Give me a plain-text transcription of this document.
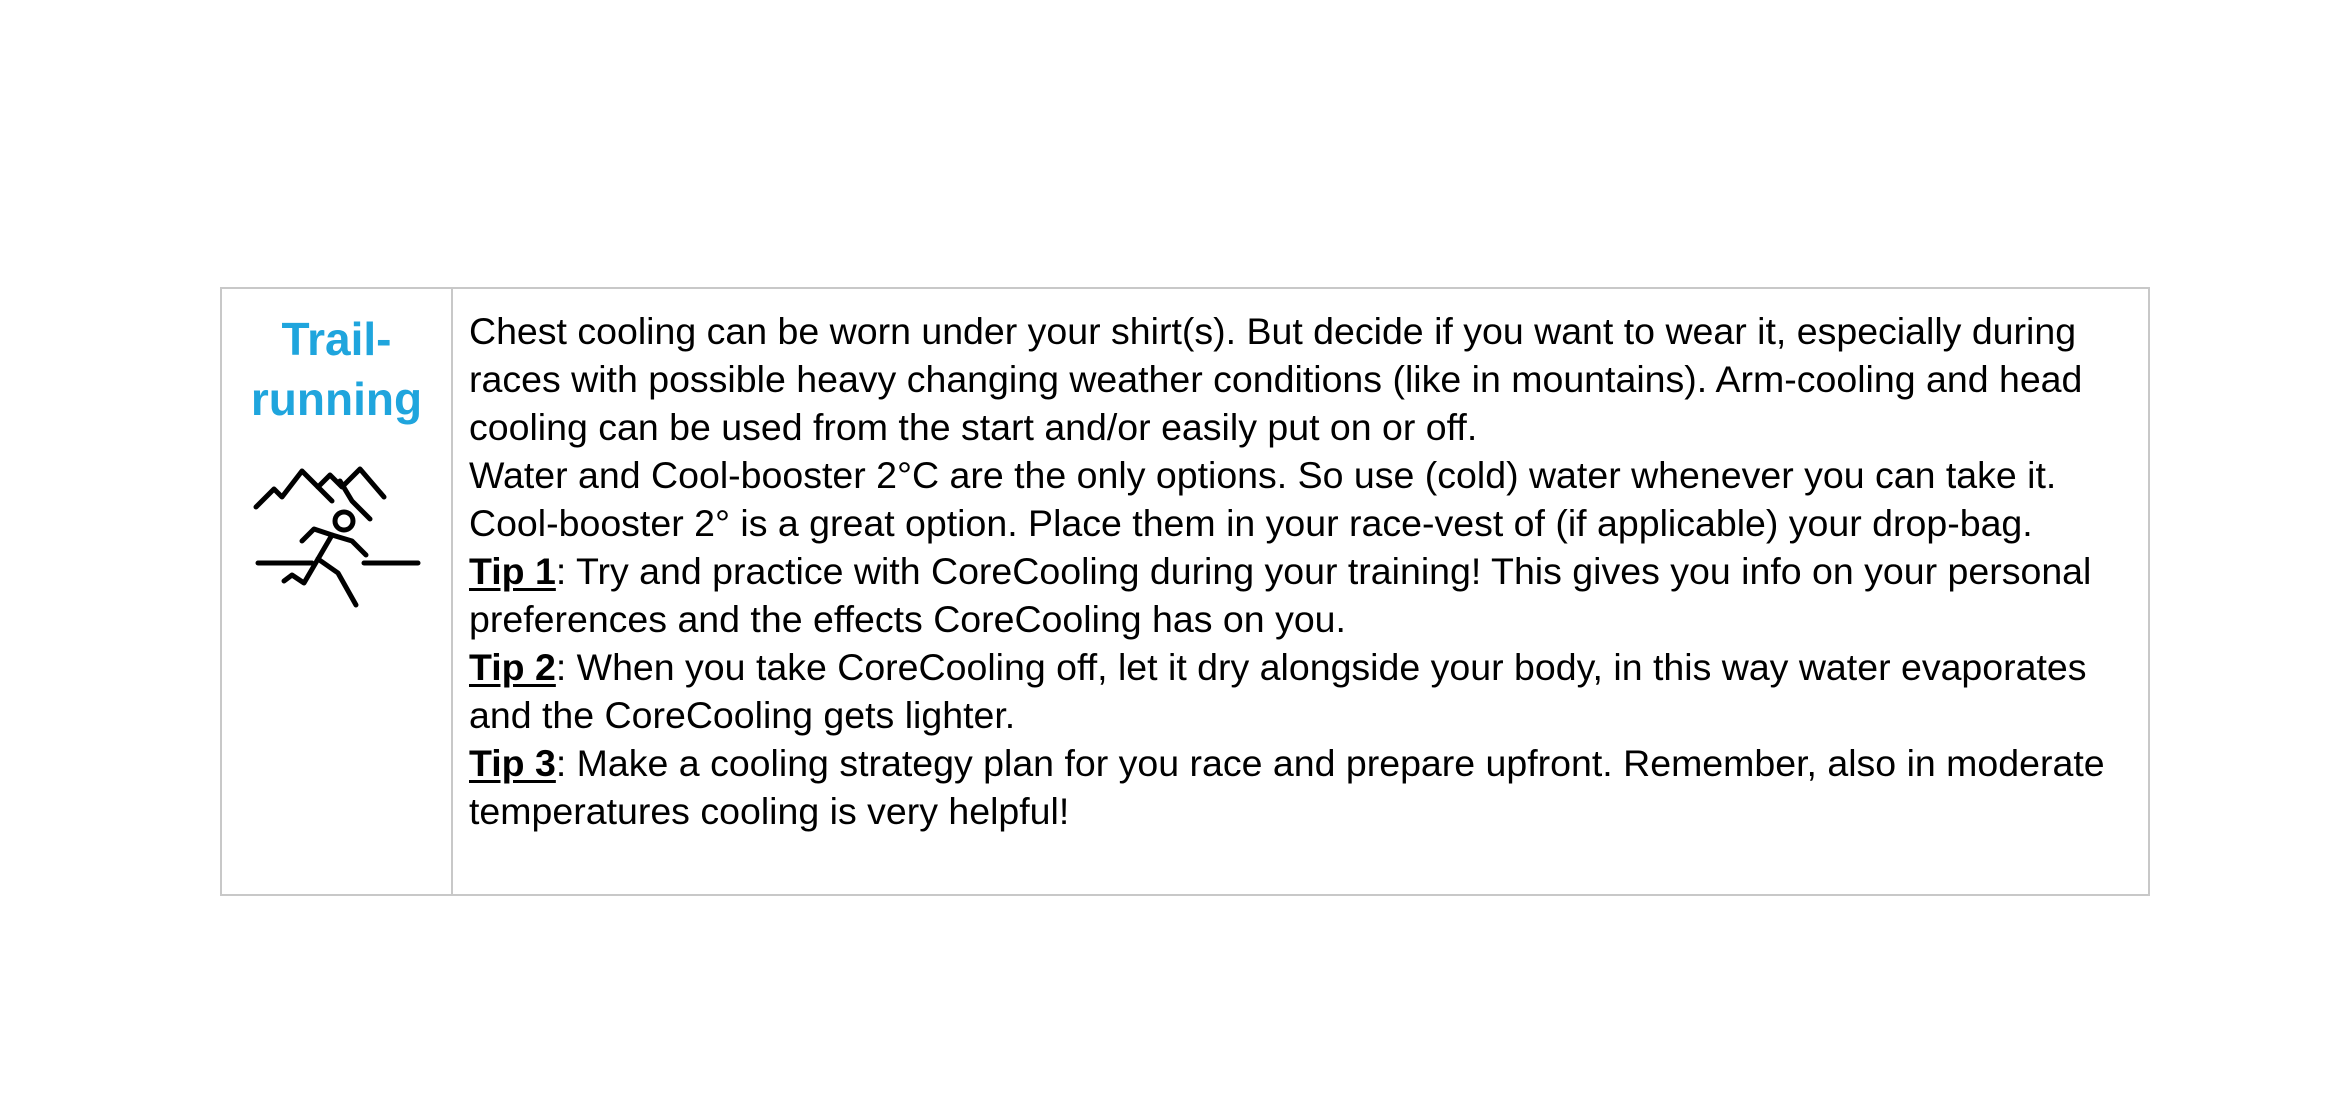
Trail-running

Chest cooling can be worn under your shirt(s). But decide if you want to wear it, especially during races with possible heavy changing weather conditions (like in mountains). Arm-cooling and head cooling can be used from the start and/or easily put on or off.

Water and Cool-booster 2°C are the only options. So use (cold) water whenever you can take it. Cool-booster 2° is a great option. Place them in your race-vest of (if applicable) your drop-bag.

Tip 1: Try and practice with CoreCooling during your training! This gives you info on your personal preferences and the effects CoreCooling has on you.

Tip 2: When you take CoreCooling off, let it dry alongside your body, in this way water evaporates and the CoreCooling gets lighter.

Tip 3: Make a cooling strategy plan for you race and prepare upfront. Remember, also in moderate temperatures cooling is very helpful!
